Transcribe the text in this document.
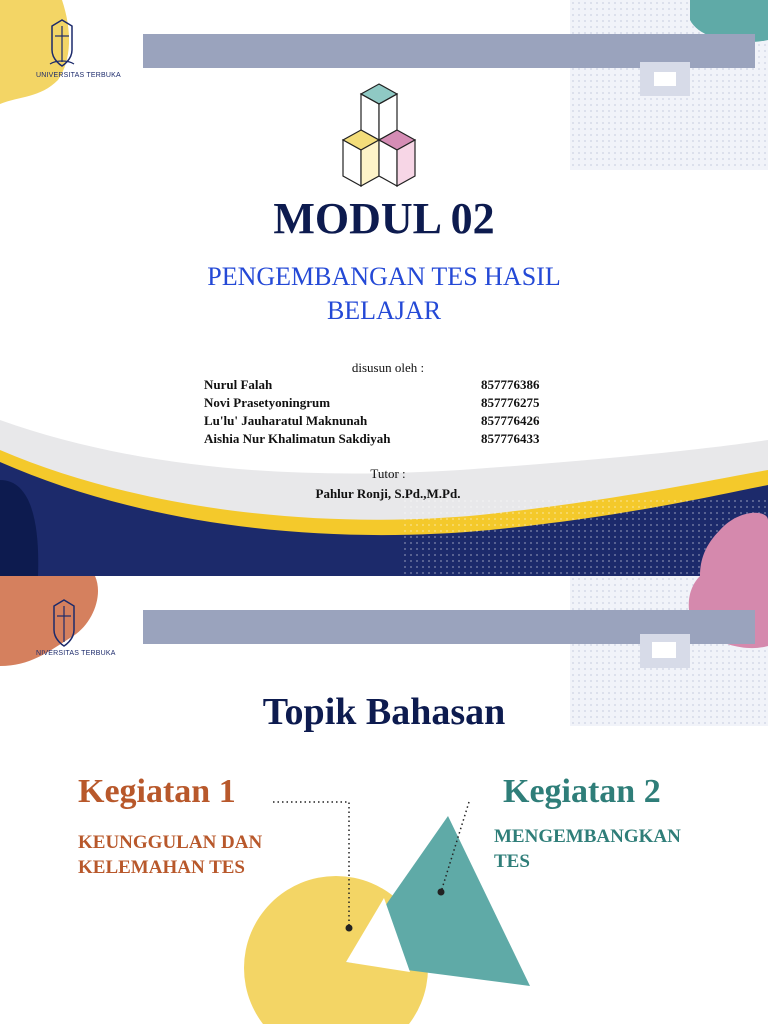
UNIVERSITAS TERBUKA
MODUL 02
PENGEMBANGAN TES HASIL
BELAJAR
disusun oleh :
Nurul Falah	857776386
Novi Prasetyoningrum	857776275
Lu'lu' Jauharatul Maknunah	857776426
Aishia Nur Khalimatun Sakdiyah	857776433
Tutor :
Pahlur Ronji, S.Pd.,M.Pd.
NIVERSITAS TERBUKA
Topik Bahasan
Kegiatan 1
KEUNGGULAN DAN
KELEMAHAN TES
Kegiatan 2
MENGEMBANGKAN
TES
